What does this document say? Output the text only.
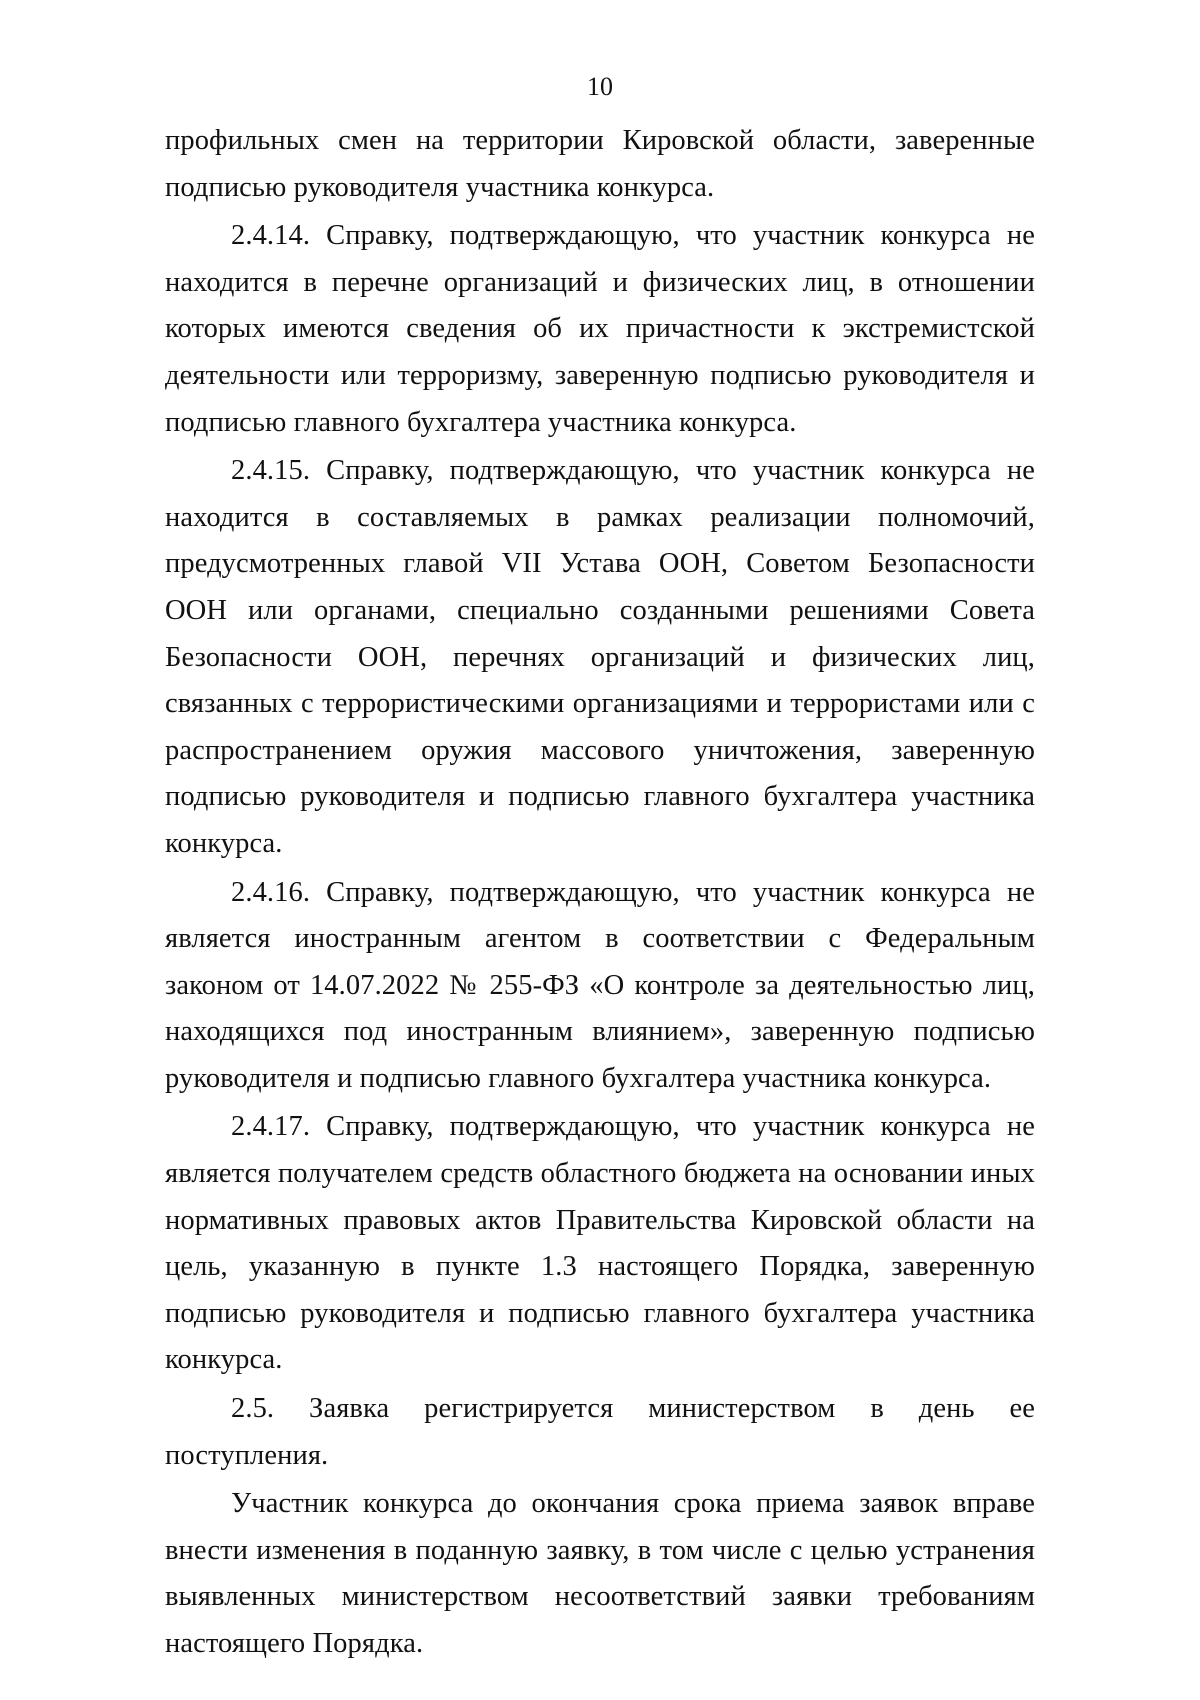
10

профильных смен на территории Кировской области, заверенные подписью руководителя участника конкурса.

2.4.14. Справку, подтверждающую, что участник конкурса не находится в перечне организаций и физических лиц, в отношении которых имеются сведения об их причастности к экстремистской деятельности или терроризму, заверенную подписью руководителя и подписью главного бухгалтера участника конкурса.

2.4.15. Справку, подтверждающую, что участник конкурса не находится в составляемых в рамках реализации полномочий, предусмотренных главой VII Устава ООН, Советом Безопасности ООН или органами, специально созданными решениями Совета Безопасности ООН, перечнях организаций и физических лиц, связанных с террористическими организациями и террористами или с распространением оружия массового уничтожения, заверенную подписью руководителя и подписью главного бухгалтера участника конкурса.

2.4.16. Справку, подтверждающую, что участник конкурса не является иностранным агентом в соответствии с Федеральным законом от 14.07.2022 № 255-ФЗ «О контроле за деятельностью лиц, находящихся под иностранным влиянием», заверенную подписью руководителя и подписью главного бухгалтера участника конкурса.

2.4.17. Справку, подтверждающую, что участник конкурса не является получателем средств областного бюджета на основании иных нормативных правовых актов Правительства Кировской области на цель, указанную в пункте 1.3 настоящего Порядка, заверенную подписью руководителя и подписью главного бухгалтера участника конкурса.

2.5. Заявка регистрируется министерством в день ее поступления.

Участник конкурса до окончания срока приема заявок вправе внести изменения в поданную заявку, в том числе с целью устранения выявленных министерством несоответствий заявки требованиям настоящего Порядка.
